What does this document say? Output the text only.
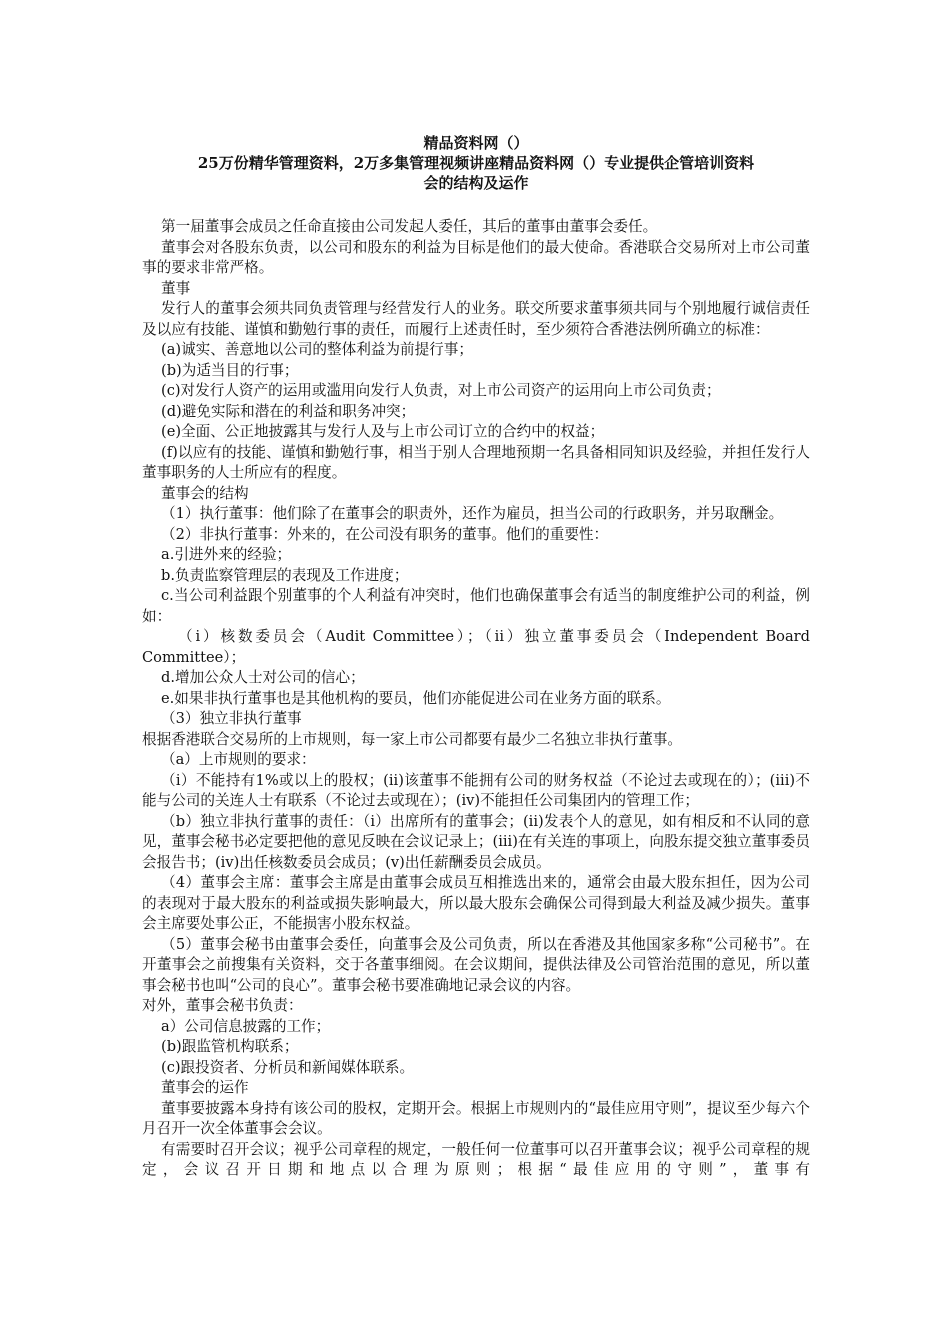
精品资料网（）
25万份精华管理资料，2万多集管理视频讲座精品资料网（）专业提供企管培训资料
会的结构及运作

第一届董事会成员之任命直接由公司发起人委任，其后的董事由董事会委任。

董事会对各股东负责，以公司和股东的利益为目标是他们的最大使命。香港联合交易所对上市公司董事的要求非常严格。

董事

发行人的董事会须共同负责管理与经营发行人的业务。联交所要求董事须共同与个别地履行诚信责任及以应有技能、谨慎和勤勉行事的责任，而履行上述责任时，至少须符合香港法例所确立的标准：

(a)诚实、善意地以公司的整体利益为前提行事；

(b)为适当目的行事；

(c)对发行人资产的运用或滥用向发行人负责，对上市公司资产的运用向上市公司负责；

(d)避免实际和潜在的利益和职务冲突；

(e)全面、公正地披露其与发行人及与上市公司订立的合约中的权益；

(f)以应有的技能、谨慎和勤勉行事，相当于别人合理地预期一名具备相同知识及经验，并担任发行人董事职务的人士所应有的程度。

董事会的结构

（1）执行董事：他们除了在董事会的职责外，还作为雇员，担当公司的行政职务，并另取酬金。

（2）非执行董事：外来的，在公司没有职务的董事。他们的重要性：

a.引进外来的经验；

b.负责监察管理层的表现及工作进度；

c.当公司利益跟个别董事的个人利益有冲突时，他们也确保董事会有适当的制度维护公司的利益，例如：

（i）核数委员会（Audit Committee）；（ii）独立董事委员会（Independent Board Committee）；

d.增加公众人士对公司的信心；

e.如果非执行董事也是其他机构的要员，他们亦能促进公司在业务方面的联系。

（3）独立非执行董事

根据香港联合交易所的上市规则，每一家上市公司都要有最少二名独立非执行董事。

（a）上市规则的要求：

（i）不能持有1%或以上的股权；(ii)该董事不能拥有公司的财务权益（不论过去或现在的）；(iii)不能与公司的关连人士有联系（不论过去或现在）；(iv)不能担任公司集团内的管理工作；

（b）独立非执行董事的责任：（i）出席所有的董事会；(ii)发表个人的意见，如有相反和不认同的意见，董事会秘书必定要把他的意见反映在会议记录上；(iii)在有关连的事项上，向股东提交独立董事委员会报告书；(iv)出任核数委员会成员；(v)出任薪酬委员会成员。

（4）董事会主席：董事会主席是由董事会成员互相推选出来的，通常会由最大股东担任，因为公司的表现对于最大股东的利益或损失影响最大，所以最大股东会确保公司得到最大利益及减少损失。董事会主席要处事公正，不能损害小股东权益。

（5）董事会秘书由董事会委任，向董事会及公司负责，所以在香港及其他国家多称“公司秘书”。在开董事会之前搜集有关资料，交于各董事细阅。在会议期间，提供法律及公司管治范围的意见，所以董事会秘书也叫“公司的良心”。董事会秘书要准确地记录会议的内容。

对外，董事会秘书负责：

a）公司信息披露的工作；

(b)跟监管机构联系；

(c)跟投资者、分析员和新闻媒体联系。

董事会的运作

董事要披露本身持有该公司的股权，定期开会。根据上市规则内的“最佳应用守则”，提议至少每六个月召开一次全体董事会会议。

有需要时召开会议；视乎公司章程的规定，一般任何一位董事可以召开董事会议；视乎公司章程的规定，会议召开日期和地点以合理为原则；根据“最佳应用的守则”，董事有
